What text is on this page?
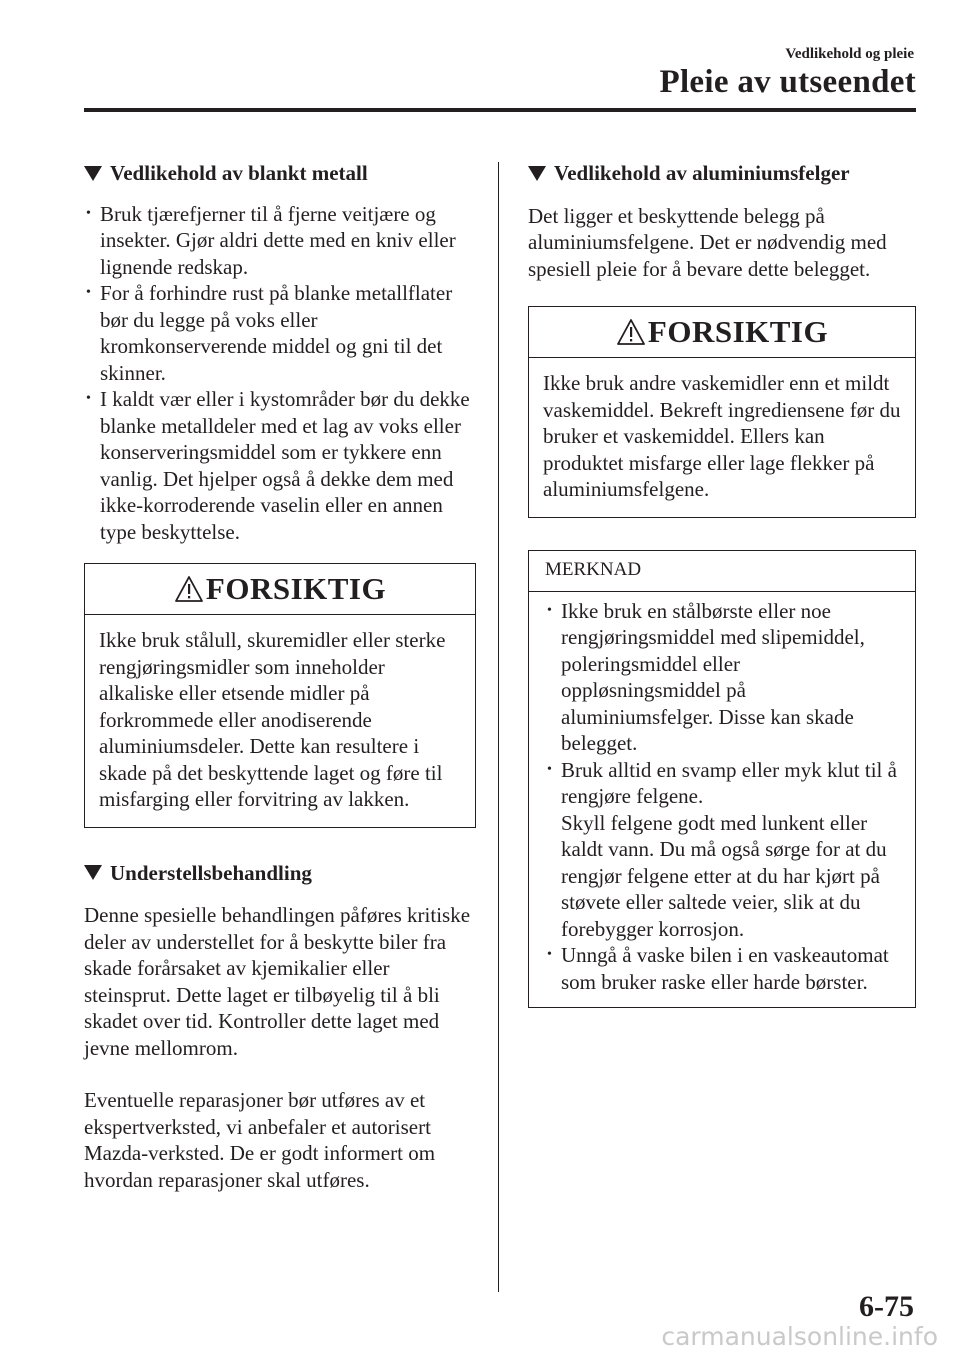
Vedlikehold og pleie
Pleie av utseendet
Vedlikehold av blankt metall
• Bruk tjærefjerner til å fjerne veitjære og insekter. Gjør aldri dette med en kniv eller lignende redskap.
• For å forhindre rust på blanke metallflater bør du legge på voks eller kromkonserverende middel og gni til det skinner.
• I kaldt vær eller i kystområder bør du dekke blanke metalldeler med et lag av voks eller konserveringsmiddel som er tykkere enn vanlig. Det hjelper også å dekke dem med ikke-korroderende vaselin eller en annen type beskyttelse.
FORSIKTIG

Ikke bruk stålull, skuremidler eller sterke rengjøringsmidler som inneholder alkaliske eller etsende midler på forkrommede eller anodiserende aluminiumsdeler. Dette kan resultere i skade på det beskyttende laget og føre til misfarging eller forvitring av lakken.

Understellsbehandling

Denne spesielle behandlingen påføres kritiske deler av understellet for å beskytte biler fra skade forårsaket av kjemikalier eller steinsprut. Dette laget er tilbøyelig til å bli skadet over tid. Kontroller dette laget med jevne mellomrom.

Eventuelle reparasjoner bør utføres av et ekspertverksted, vi anbefaler et autorisert Mazda-verksted. De er godt informert om hvordan reparasjoner skal utføres.

Vedlikehold av aluminiumsfelger

Det ligger et beskyttende belegg på aluminiumsfelgene. Det er nødvendig med spesiell pleie for å bevare dette belegget.

FORSIKTIG

Ikke bruk andre vaskemidler enn et mildt vaskemiddel. Bekreft ingrediensene før du bruker et vaskemiddel. Ellers kan produktet misfarge eller lage flekker på aluminiumsfelgene.

MERKNAD
• Ikke bruk en stålbørste eller noe rengjøringsmiddel med slipemiddel, poleringsmiddel eller oppløsningsmiddel på aluminiumsfelger. Disse kan skade belegget.
• Bruk alltid en svamp eller myk klut til å rengjøre felgene.
Skyll felgene godt med lunkent eller kaldt vann. Du må også sørge for at du rengjør felgene etter at du har kjørt på støvete eller saltede veier, slik at du forebygger korrosjon.
• Unngå å vaske bilen i en vaskeautomat som bruker raske eller harde børster.
6-75
carmanualsonline.info
